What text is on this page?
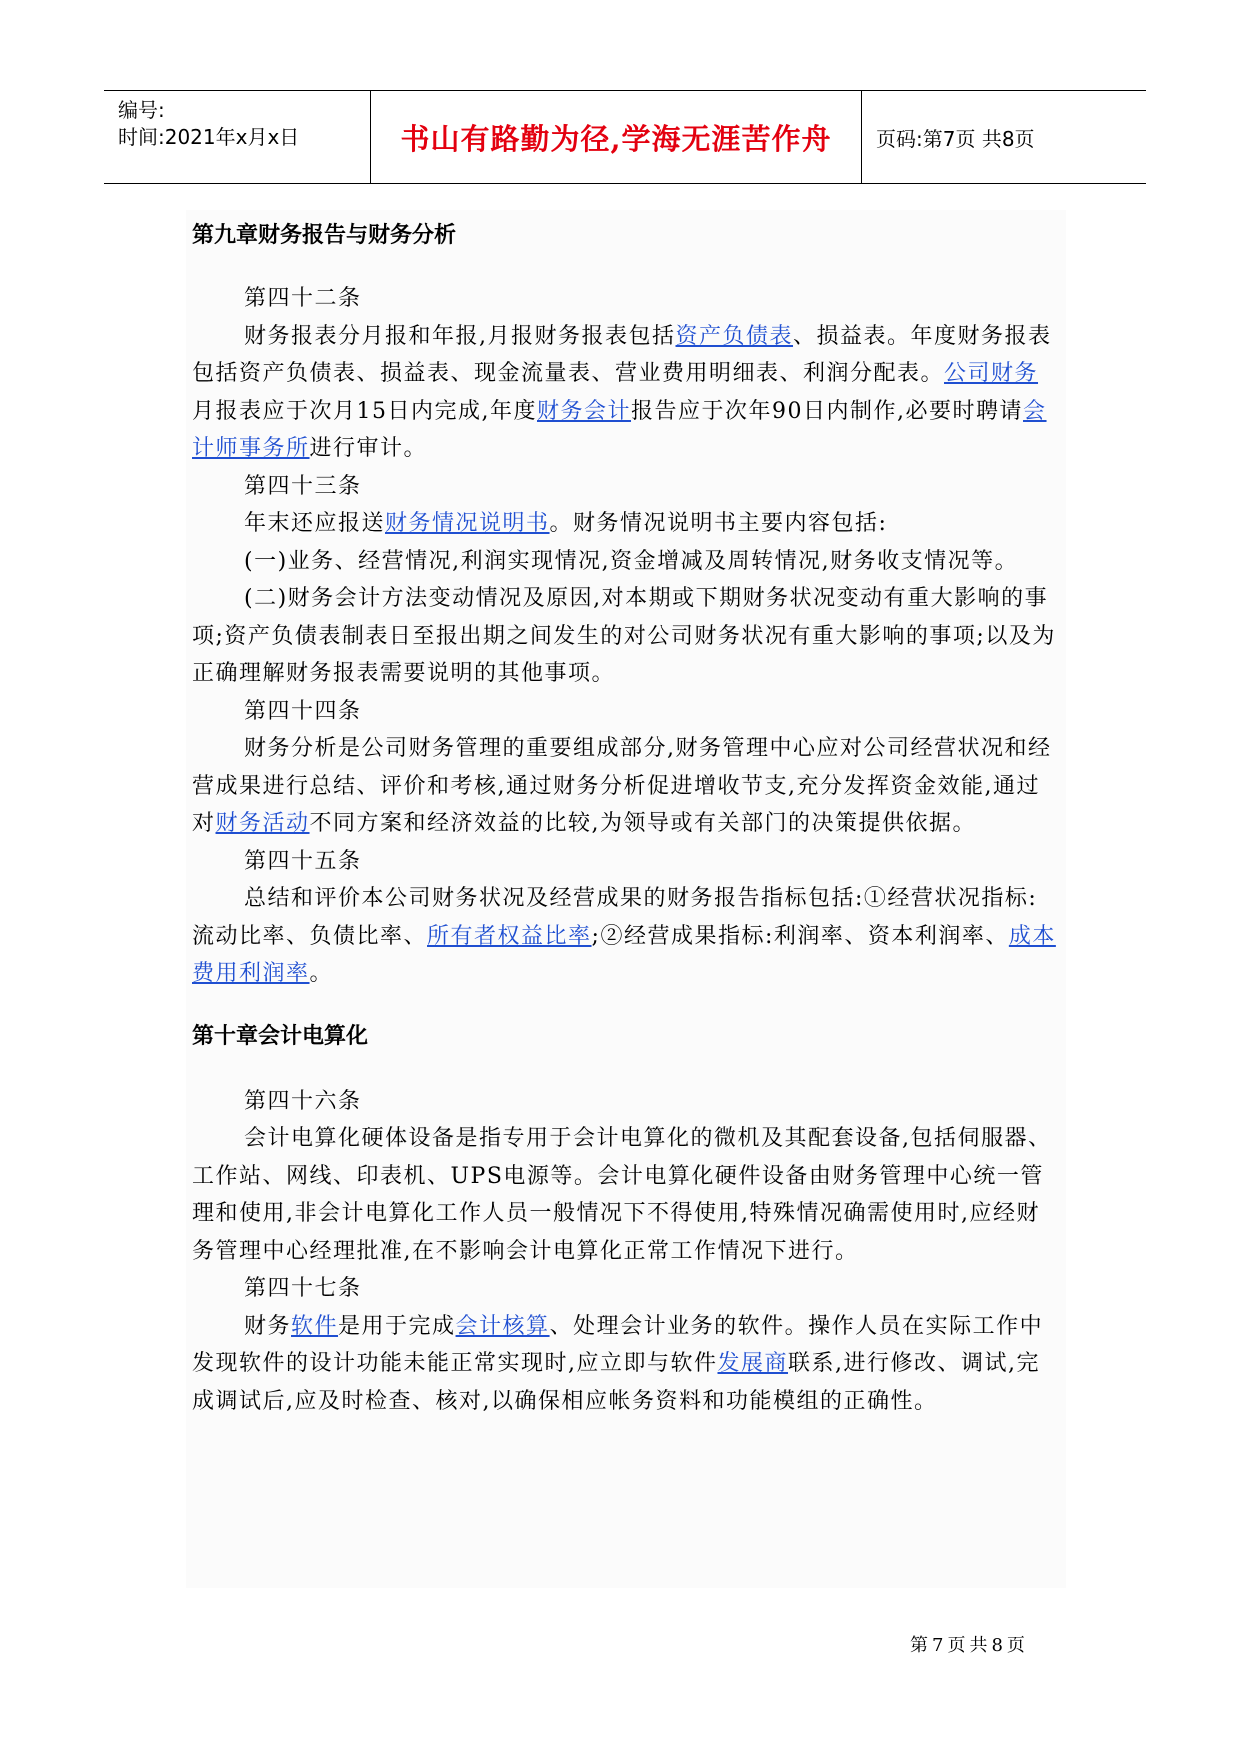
编号:
时间:2021年x月x日	书山有路勤为径,学海无涯苦作舟	页码:第7页 共8页
第九章财务报告与财务分析

第四十二条

财务报表分月报和年报,月报财务报表包括资产负债表、损益表。年度财务报表包括资产负债表、损益表、现金流量表、营业费用明细表、利润分配表。公司财务月报表应于次月15日内完成,年度财务会计报告应于次年90日内制作,必要时聘请会计师事务所进行审计。

第四十三条

年末还应报送财务情况说明书。财务情况说明书主要内容包括:

(一)业务、经营情况,利润实现情况,资金增减及周转情况,财务收支情况等。

(二)财务会计方法变动情况及原因,对本期或下期财务状况变动有重大影响的事项;资产负债表制表日至报出期之间发生的对公司财务状况有重大影响的事项;以及为正确理解财务报表需要说明的其他事项。

第四十四条

财务分析是公司财务管理的重要组成部分,财务管理中心应对公司经营状况和经营成果进行总结、评价和考核,通过财务分析促进增收节支,充分发挥资金效能,通过对财务活动不同方案和经济效益的比较,为领导或有关部门的决策提供依据。

第四十五条

总结和评价本公司财务状况及经营成果的财务报告指标包括:①经营状况指标:流动比率、负债比率、所有者权益比率;②经营成果指标:利润率、资本利润率、成本费用利润率。

第十章会计电算化

第四十六条

会计电算化硬体设备是指专用于会计电算化的微机及其配套设备,包括伺服器、工作站、网线、印表机、UPS电源等。会计电算化硬件设备由财务管理中心统一管理和使用,非会计电算化工作人员一般情况下不得使用,特殊情况确需使用时,应经财务管理中心经理批准,在不影响会计电算化正常工作情况下进行。

第四十七条

财务软件是用于完成会计核算、处理会计业务的软件。操作人员在实际工作中发现软件的设计功能未能正常实现时,应立即与软件发展商联系,进行修改、调试,完成调试后,应及时检查、核对,以确保相应帐务资料和功能模组的正确性。

第7页共8页
